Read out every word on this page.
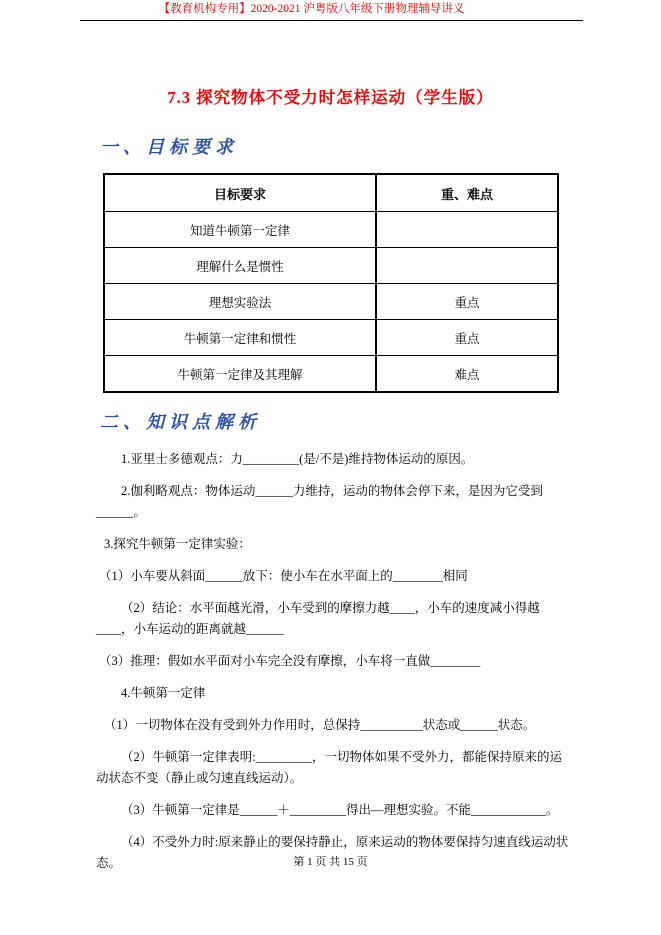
【教育机构专用】2020-2021 沪粤版八年级下册物理辅导讲义
7.3 探究物体不受力时怎样运动（学生版）
一、目标要求
目标要求	重、难点
知道牛顿第一定律	
理解什么是惯性	
理想实验法	重点
牛顿第一定律和惯性	重点
牛顿第一定律及其理解	难点
二、知识点解析

1.亚里士多德观点：力_________(是/不是)维持物体运动的原因。

2.伽利略观点：物体运动______力维持，运动的物体会停下来，是因为它受到______。

3.探究牛顿第一定律实验：

（1）小车要从斜面______放下：使小车在水平面上的________相同

（2）结论：水平面越光滑，小车受到的摩擦力越____，小车的速度减小得越____，小车运动的距离就越______

（3）推理：假如水平面对小车完全没有摩擦，小车将一直做________

4.牛顿第一定律

（1）一切物体在没有受到外力作用时，总保持__________状态或______状态。

（2）牛顿第一定律表明:_________，一切物体如果不受外力，都能保持原来的运动状态不变（静止或匀速直线运动）。

（3）牛顿第一定律是______＋_________得出—理想实验。不能____________。

（4）不受外力时:原来静止的要保持静止，原来运动的物体要保持匀速直线运动状态。	第 1 页 共 15 页
